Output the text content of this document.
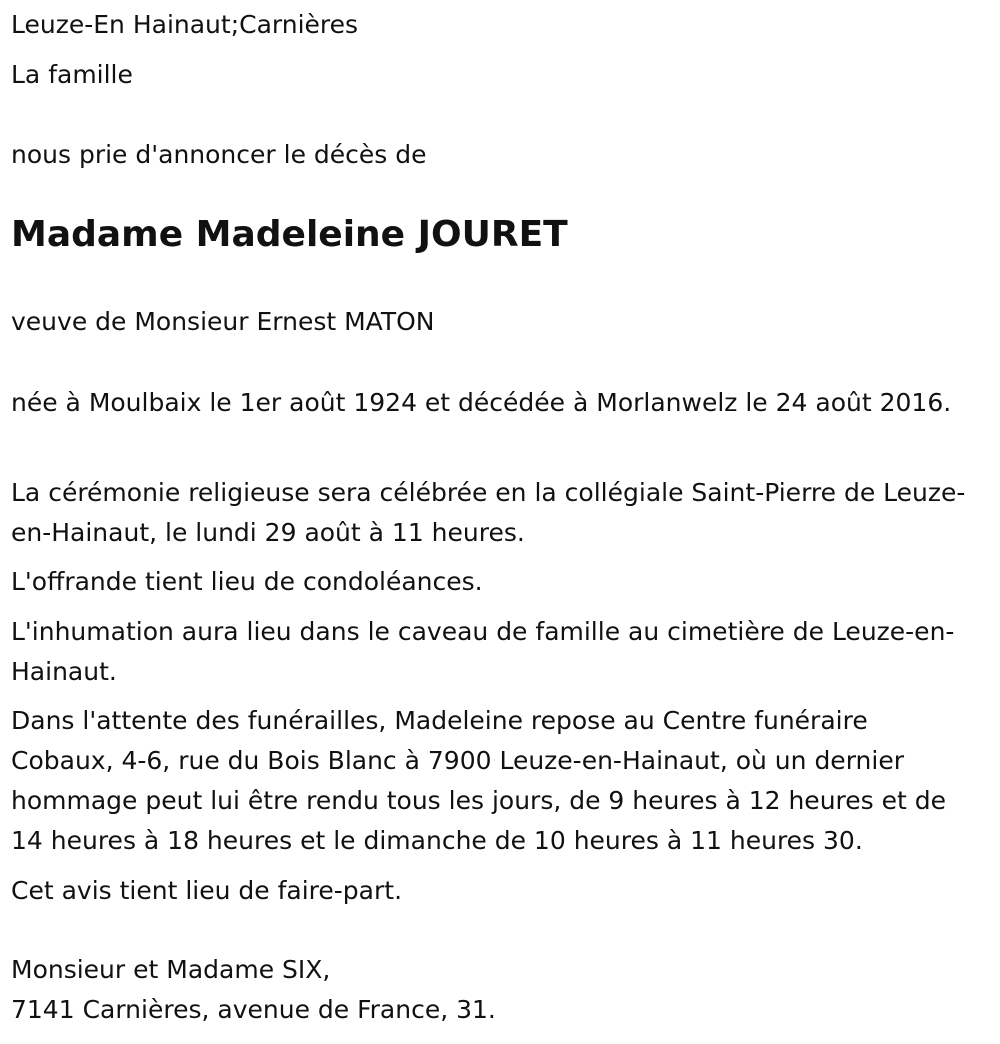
Leuze-En Hainaut;Carnières
La famille
nous prie d'annoncer le décès de
Madame Madeleine JOURET
veuve de Monsieur Ernest MATON
née à Moulbaix le 1er août 1924 et décédée à Morlanwelz le 24 août 2016.
La cérémonie religieuse sera célébrée en la collégiale Saint-Pierre de Leuze-en-Hainaut, le lundi 29 août à 11 heures.
L'offrande tient lieu de condoléances.
L'inhumation aura lieu dans le caveau de famille au cimetière de Leuze-en-Hainaut.
Dans l'attente des funérailles, Madeleine repose au Centre funéraire Cobaux, 4-6, rue du Bois Blanc à 7900 Leuze-en-Hainaut, où un dernier hommage peut lui être rendu tous les jours, de 9 heures à 12 heures et de 14 heures à 18 heures et le dimanche de 10 heures à 11 heures 30.
Cet avis tient lieu de faire-part.
Monsieur et Madame SIX,
7141 Carnières, avenue de France, 31.
